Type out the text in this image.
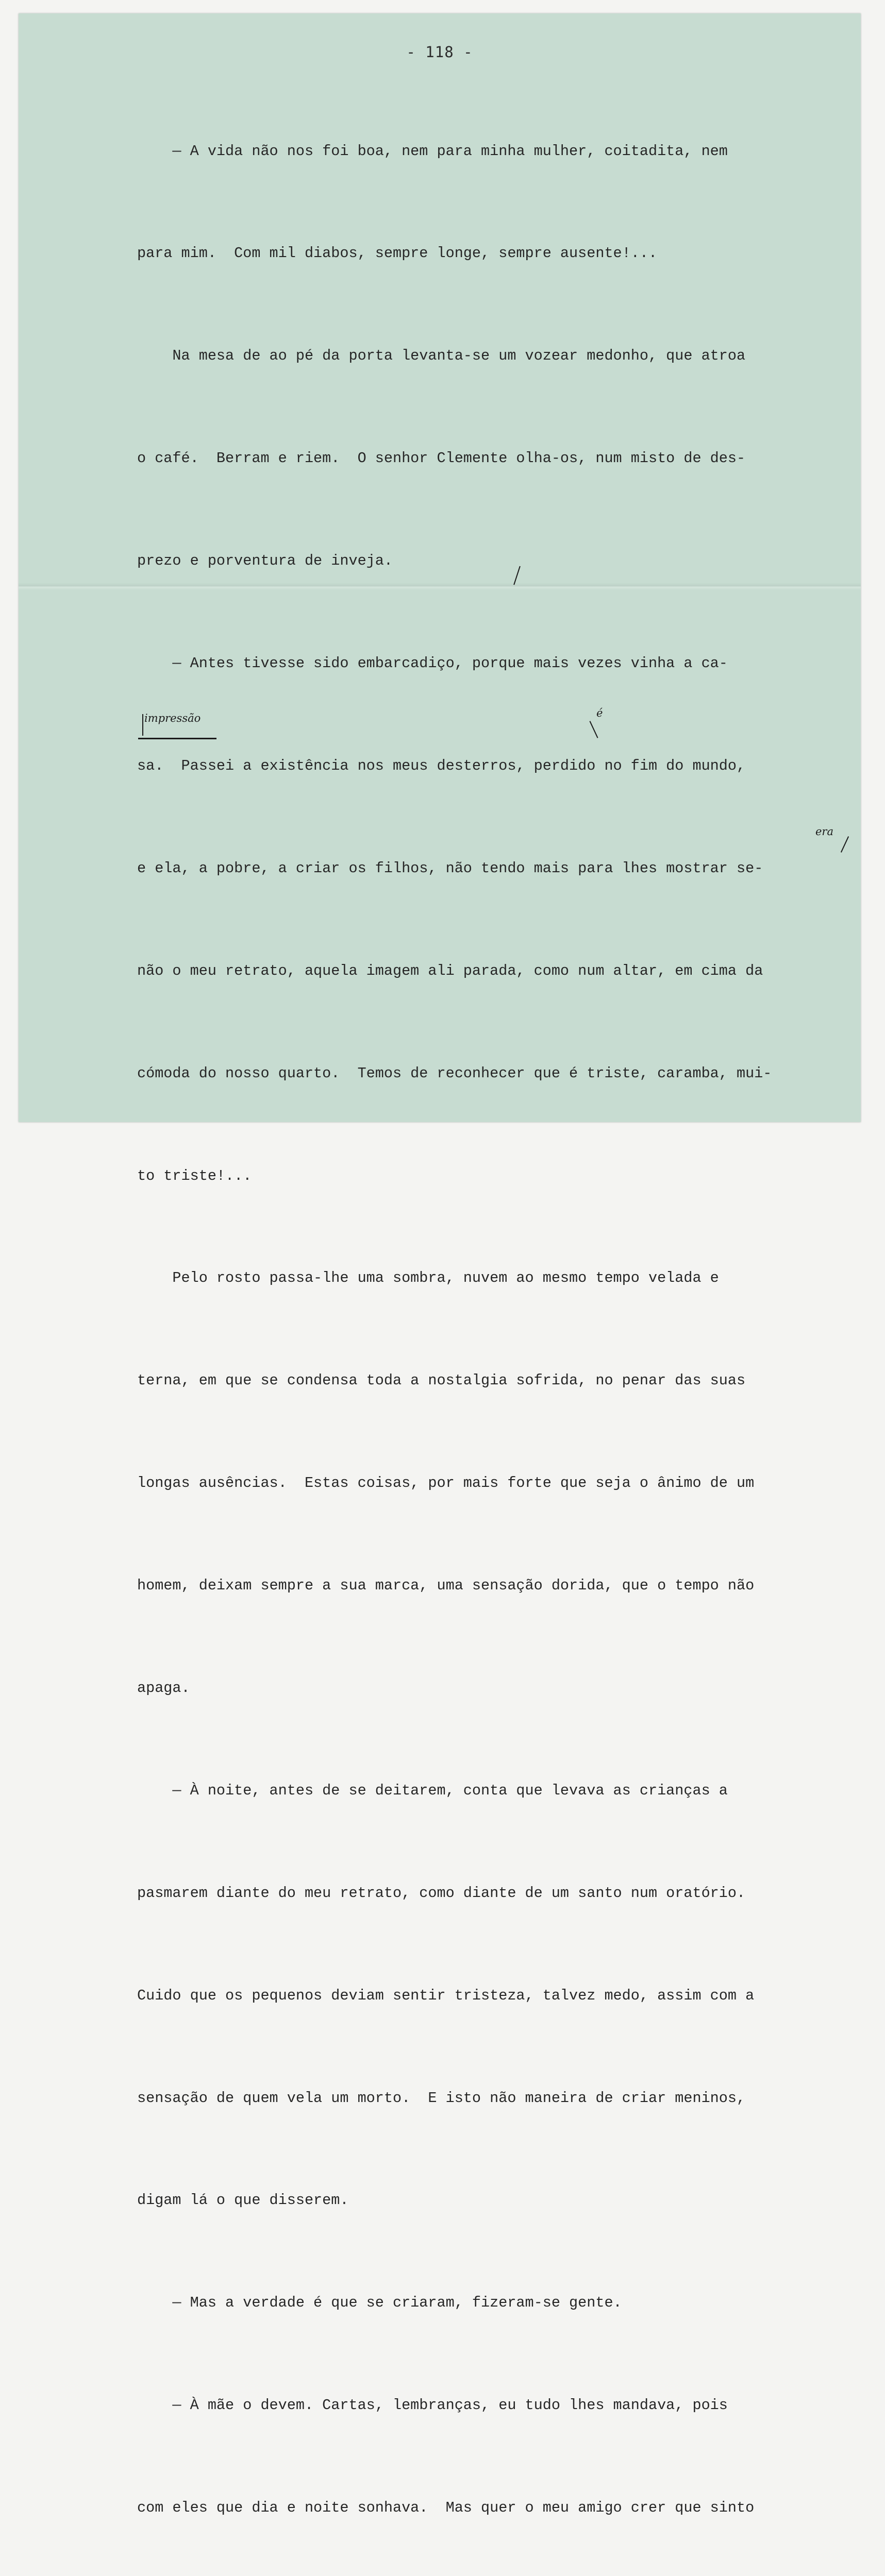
- 118 -

— A vida não nos foi boa, nem para minha mulher, coitadita, nem

para mim.  Com mil diabos, sempre longe, sempre ausente!...

Na mesa de ao pé da porta levanta-se um vozear medonho, que atroa

o café.  Berram e riem.  O senhor Clemente olha-os, num misto de des-

prezo e porventura de inveja.

— Antes tivesse sido embarcadiço, porque mais vezes vinha a ca-

sa.  Passei a existência nos meus desterros, perdido no fim do mundo,

e ela, a pobre, a criar os filhos, não tendo mais para lhes mostrar se-

não o meu retrato, aquela imagem ali parada, como num altar, em cima da

cómoda do nosso quarto.  Temos de reconhecer que é triste, caramba, mui-

to triste!...

Pelo rosto passa-lhe uma sombra, nuvem ao mesmo tempo velada e

terna, em que se condensa toda a nostalgia sofrida, no penar das suas

longas ausências.  Estas coisas, por mais forte que seja o ânimo de um

homem, deixam sempre a sua marca, uma sensação dorida, que o tempo não

apaga.

— À noite, antes de se deitarem, conta que levava as crianças a

pasmarem diante do meu retrato, como diante de um santo num oratório.

Cuido que os pequenos deviam sentir tristeza, talvez medo, assim com a

sensação de quem vela um morto.  E isto não maneira de criar meninos,

digam lá o que disserem.

— Mas a verdade é que se criaram, fizeram-se gente.

— À mãe o devem. Cartas, lembranças, eu tudo lhes mandava, pois

com eles que dia e noite sonhava.  Mas quer o meu amigo crer que sinto

impressão	é
era
